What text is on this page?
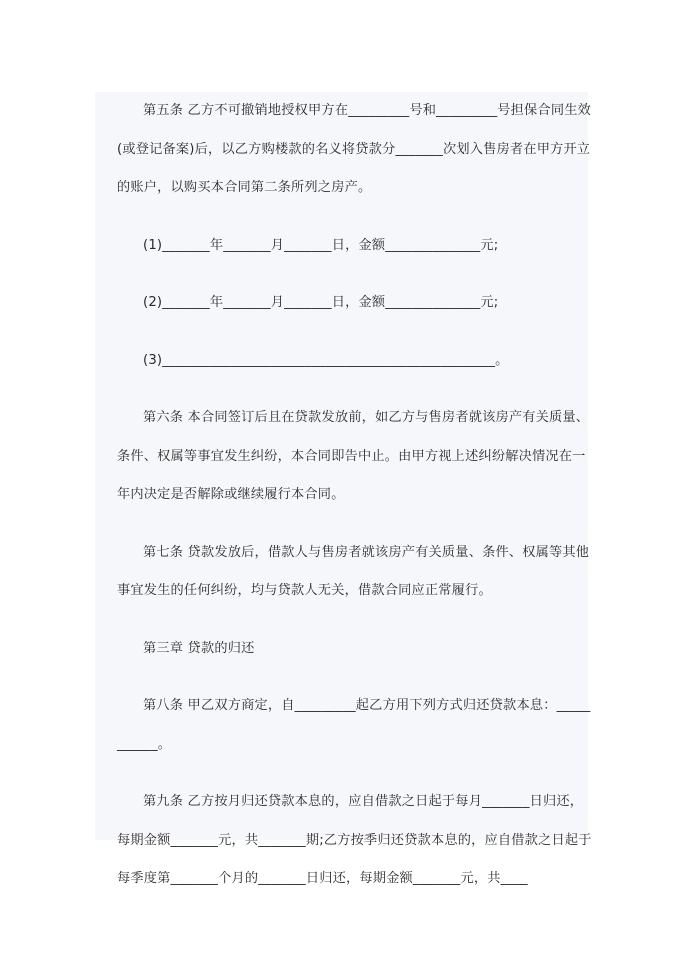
第五条 乙方不可撤销地授权甲方在_________号和_________号担保合同生效(或登记备案)后，以乙方购楼款的名义将贷款分_______次划入售房者在甲方开立的账户，以购买本合同第二条所列之房产。

(1)_______年_______月_______日，金额______________元;

(2)_______年_______月_______日，金额______________元;

(3)_________________________________________________。

第六条 本合同签订后且在贷款发放前，如乙方与售房者就该房产有关质量、条件、权属等事宜发生纠纷，本合同即告中止。由甲方视上述纠纷解决情况在一年内决定是否解除或继续履行本合同。

第七条 贷款发放后，借款人与售房者就该房产有关质量、条件、权属等其他事宜发生的任何纠纷，均与贷款人无关，借款合同应正常履行。

第三章 贷款的归还

第八条 甲乙双方商定，自_________起乙方用下列方式归还贷款本息：___________。

第九条 乙方按月归还贷款本息的，应自借款之日起于每月_______日归还，每期金额_______元，共_______期;乙方按季归还贷款本息的，应自借款之日起于每季度第_______个月的_______日归还，每期金额_______元，共____
